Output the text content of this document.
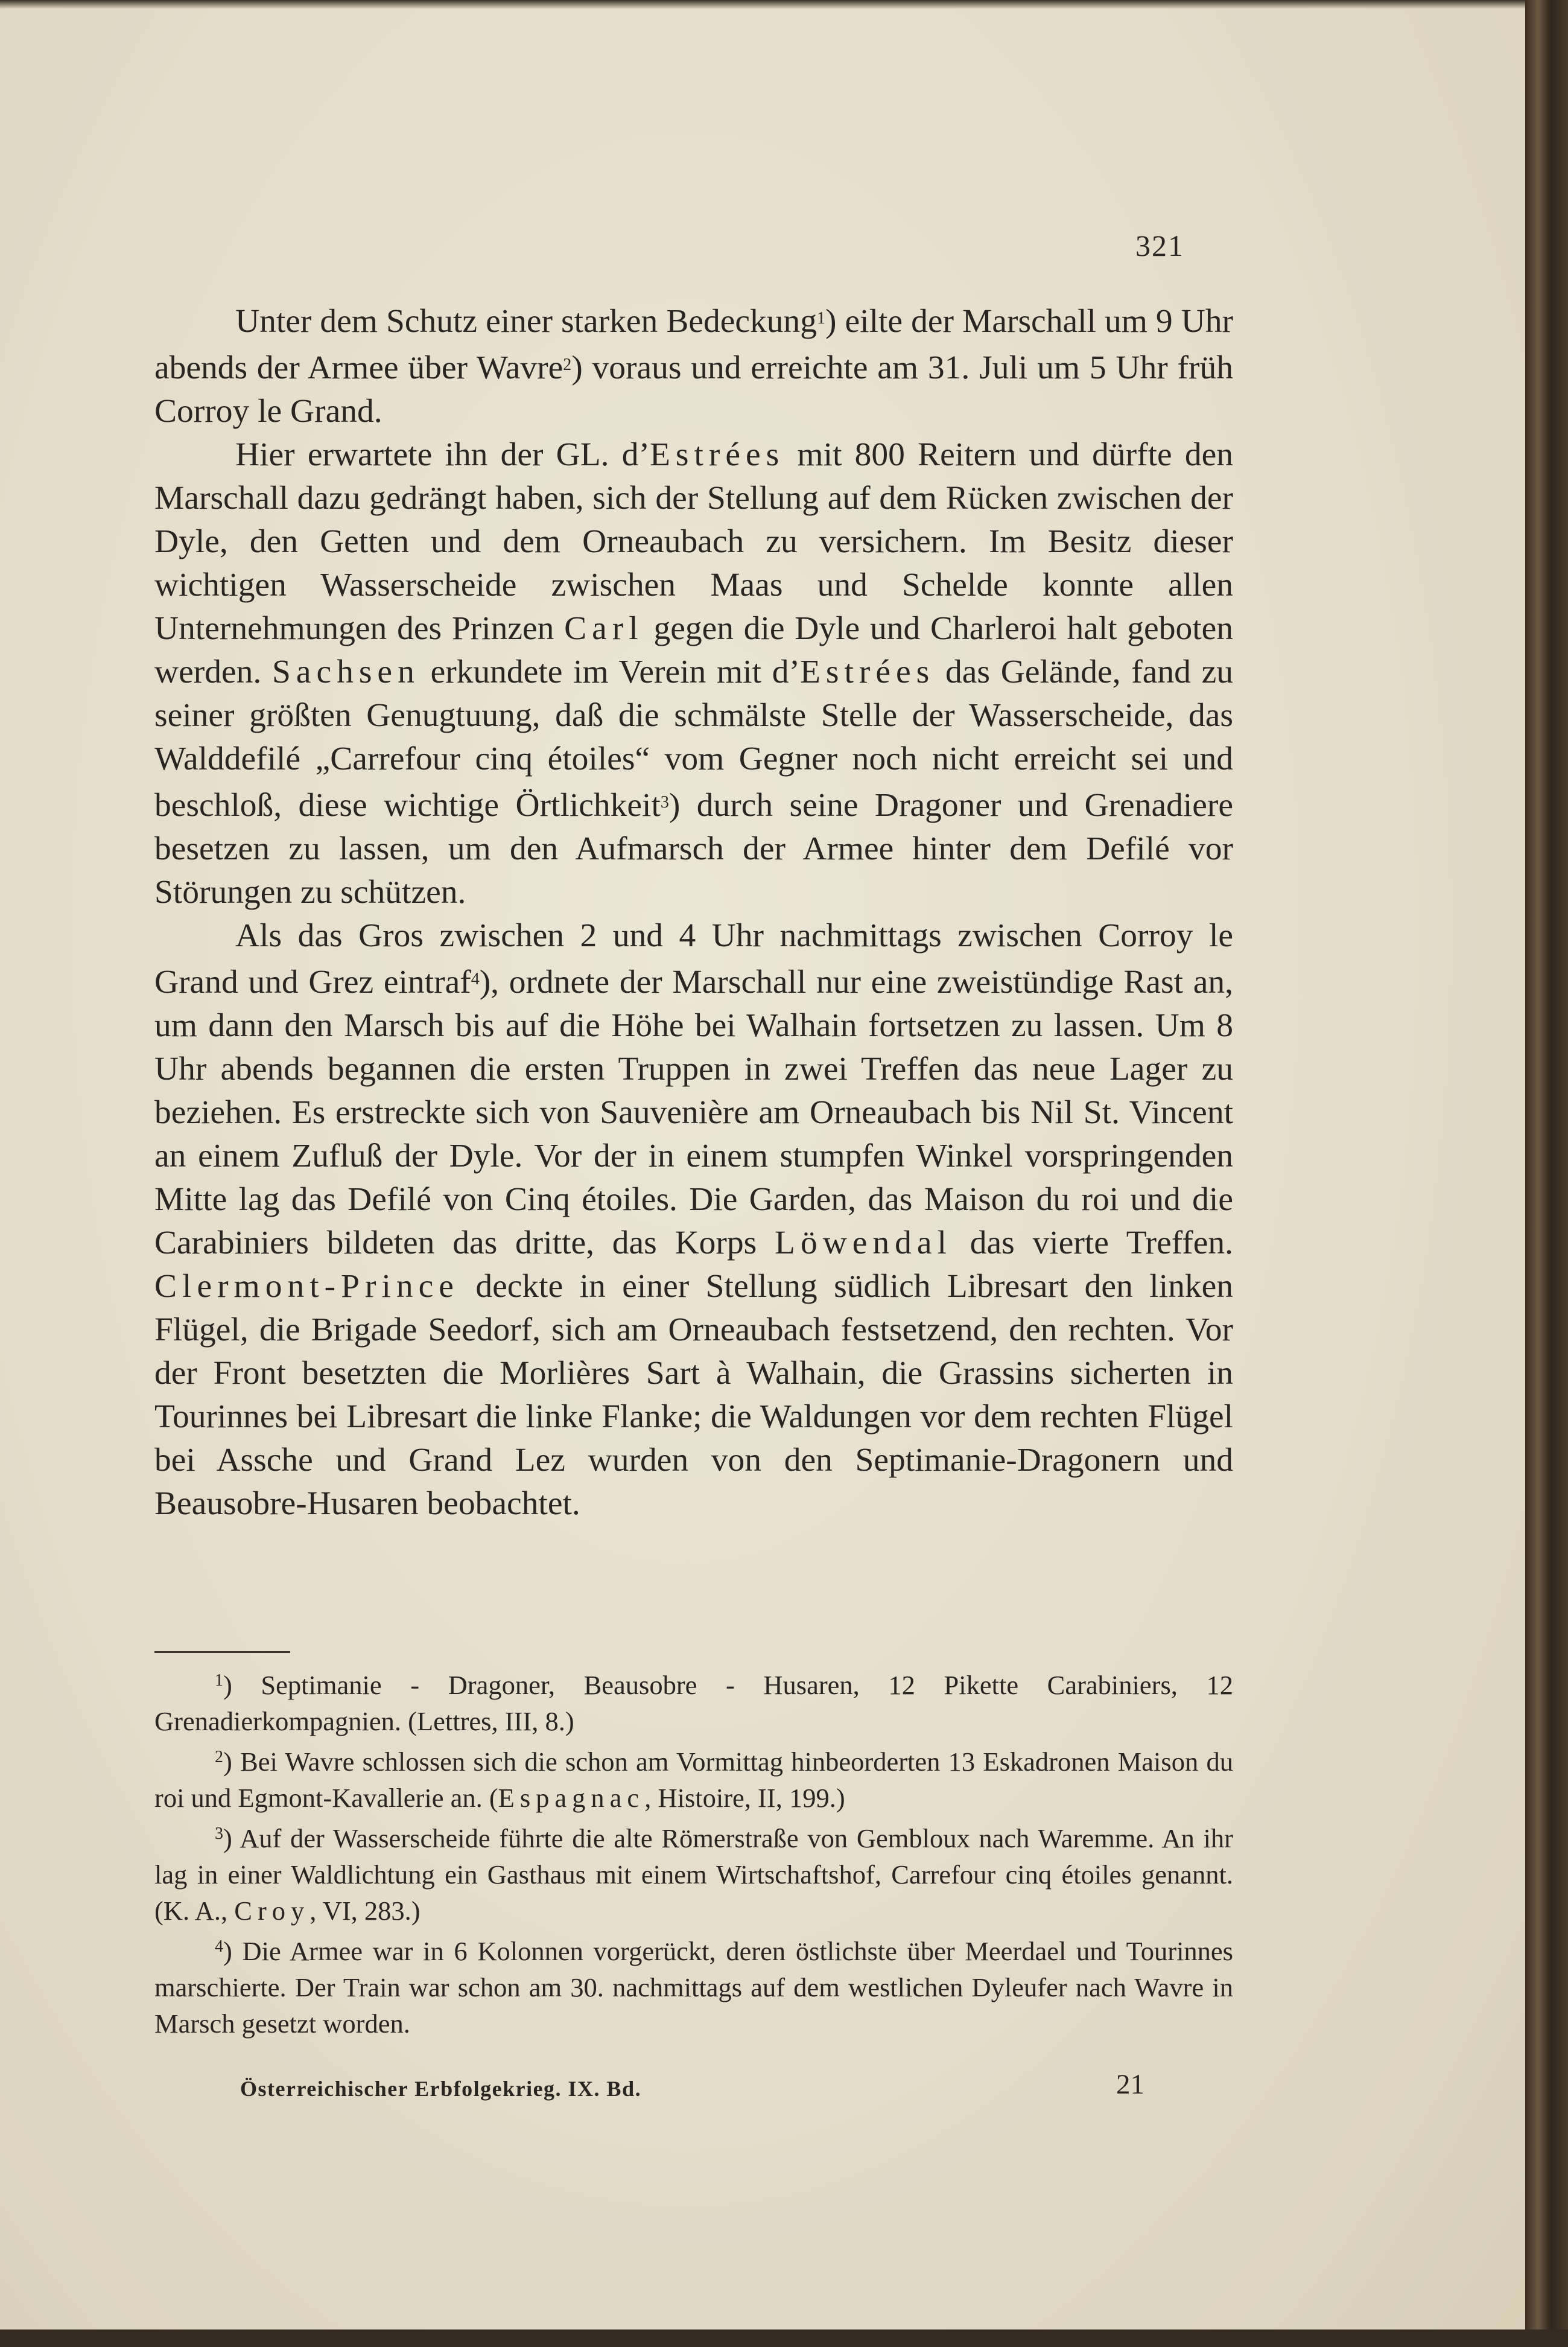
321

Unter dem Schutz einer starken Bedeckung$^1$) eilte der Marschall um 9 Uhr abends der Armee über Wavre$^2$) voraus und erreichte am 31. Juli um 5 Uhr früh Corroy le Grand.

Hier erwartete ihn der GL. d’Estrées mit 800 Reitern und dürfte den Marschall dazu gedrängt haben, sich der Stellung auf dem Rücken zwischen der Dyle, den Getten und dem Orneaubach zu versichern. Im Besitz dieser wichtigen Wasserscheide zwischen Maas und Schelde konnte allen Unternehmungen des Prinzen Carl gegen die Dyle und Charleroi halt geboten werden. Sachsen erkundete im Verein mit d’Estrées das Gelände, fand zu seiner größten Genugtuung, daß die schmälste Stelle der Wasserscheide, das Walddefilé „Carrefour cinq étoiles“ vom Gegner noch nicht erreicht sei und beschloß, diese wichtige Örtlichkeit$^3$) durch seine Dragoner und Grenadiere besetzen zu lassen, um den Aufmarsch der Armee hinter dem Defilé vor Störungen zu schützen.

Als das Gros zwischen 2 und 4 Uhr nachmittags zwischen Corroy le Grand und Grez eintraf$^4$), ordnete der Marschall nur eine zweistündige Rast an, um dann den Marsch bis auf die Höhe bei Walhain fortsetzen zu lassen. Um 8 Uhr abends begannen die ersten Truppen in zwei Treffen das neue Lager zu beziehen. Es erstreckte sich von Sauvenière am Orneaubach bis Nil St. Vincent an einem Zufluß der Dyle. Vor der in einem stumpfen Winkel vorspringenden Mitte lag das Defilé von Cinq étoiles. Die Garden, das Maison du roi und die Carabiniers bildeten das dritte, das Korps Löwendal das vierte Treffen. Clermont-Prince deckte in einer Stellung südlich Libresart den linken Flügel, die Brigade Seedorf, sich am Orneaubach festsetzend, den rechten. Vor der Front besetzten die Morlières Sart à Walhain, die Grassins sicherten in Tourinnes bei Libresart die linke Flanke; die Waldungen vor dem rechten Flügel bei Assche und Grand Lez wurden von den Septimanie-Dragonern und Beausobre-Husaren beobachtet.

$^1$) Septimanie - Dragoner, Beausobre - Husaren, 12 Pikette Carabiniers, 12 Grenadierkompagnien. (Lettres, III, 8.)

$^2$) Bei Wavre schlossen sich die schon am Vormittag hinbeorderten 13 Eskadronen Maison du roi und Egmont-Kavallerie an. (Espagnac, Histoire, II, 199.)

$^3$) Auf der Wasserscheide führte die alte Römerstraße von Gembloux nach Waremme. An ihr lag in einer Waldlichtung ein Gasthaus mit einem Wirtschaftshof, Carrefour cinq étoiles genannt. (K. A., Croy, VI, 283.)

$^4$) Die Armee war in 6 Kolonnen vorgerückt, deren östlichste über Meerdael und Tourinnes marschierte. Der Train war schon am 30. nachmittags auf dem westlichen Dyleufer nach Wavre in Marsch gesetzt worden.

Österreichischer Erbfolgekrieg. IX. Bd.	21
